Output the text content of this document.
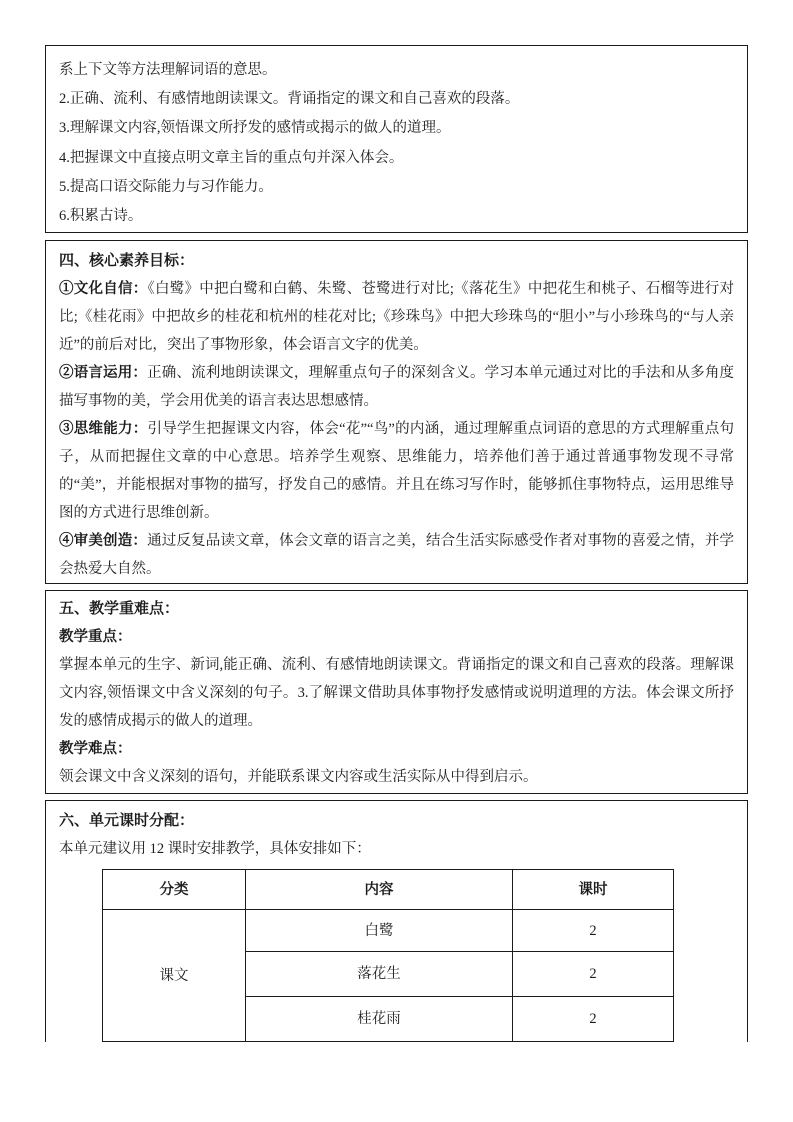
系上下文等方法理解词语的意思。
2.正确、流利、有感情地朗读课文。背诵指定的课文和自己喜欢的段落。
3.理解课文内容,领悟课文所抒发的感情或揭示的做人的道理。
4.把握课文中直接点明文章主旨的重点句并深入体会。
5.提高口语交际能力与习作能力。
6.积累古诗。
四、核心素养目标：

①文化自信：《白鹭》中把白鹭和白鹤、朱鹭、苍鹭进行对比;《落花生》中把花生和桃子、石榴等进行对比;《桂花雨》中把故乡的桂花和杭州的桂花对比;《珍珠鸟》中把大珍珠鸟的“胆小”与小珍珠鸟的“与人亲近”的前后对比，突出了事物形象，体会语言文字的优美。

②语言运用：正确、流利地朗读课文，理解重点句子的深刻含义。学习本单元通过对比的手法和从多角度描写事物的美，学会用优美的语言表达思想感情。

③思维能力：引导学生把握课文内容，体会“花”“鸟”的内涵，通过理解重点词语的意思的方式理解重点句子，从而把握住文章的中心意思。培养学生观察、思维能力，培养他们善于通过普通事物发现不寻常的“美”，并能根据对事物的描写，抒发自己的感情。并且在练习写作时，能够抓住事物特点，运用思维导图的方式进行思维创新。

④审美创造：通过反复品读文章，体会文章的语言之美，结合生活实际感受作者对事物的喜爱之情，并学会热爱大自然。

五、教学重难点：
教学重点：

掌握本单元的生字、新词,能正确、流利、有感情地朗读课文。背诵指定的课文和自己喜欢的段落。理解课文内容,领悟课文中含义深刻的句子。3.了解课文借助具体事物抒发感情或说明道理的方法。体会课文所抒发的感情成揭示的做人的道理。

教学难点：

领会课文中含义深刻的语句，并能联系课文内容或生活实际从中得到启示。

六、单元课时分配：
本单元建议用 12 课时安排教学，具体安排如下：
分类	内容	课时
课文	白鹭	2
	落花生	2
	桂花雨	2
